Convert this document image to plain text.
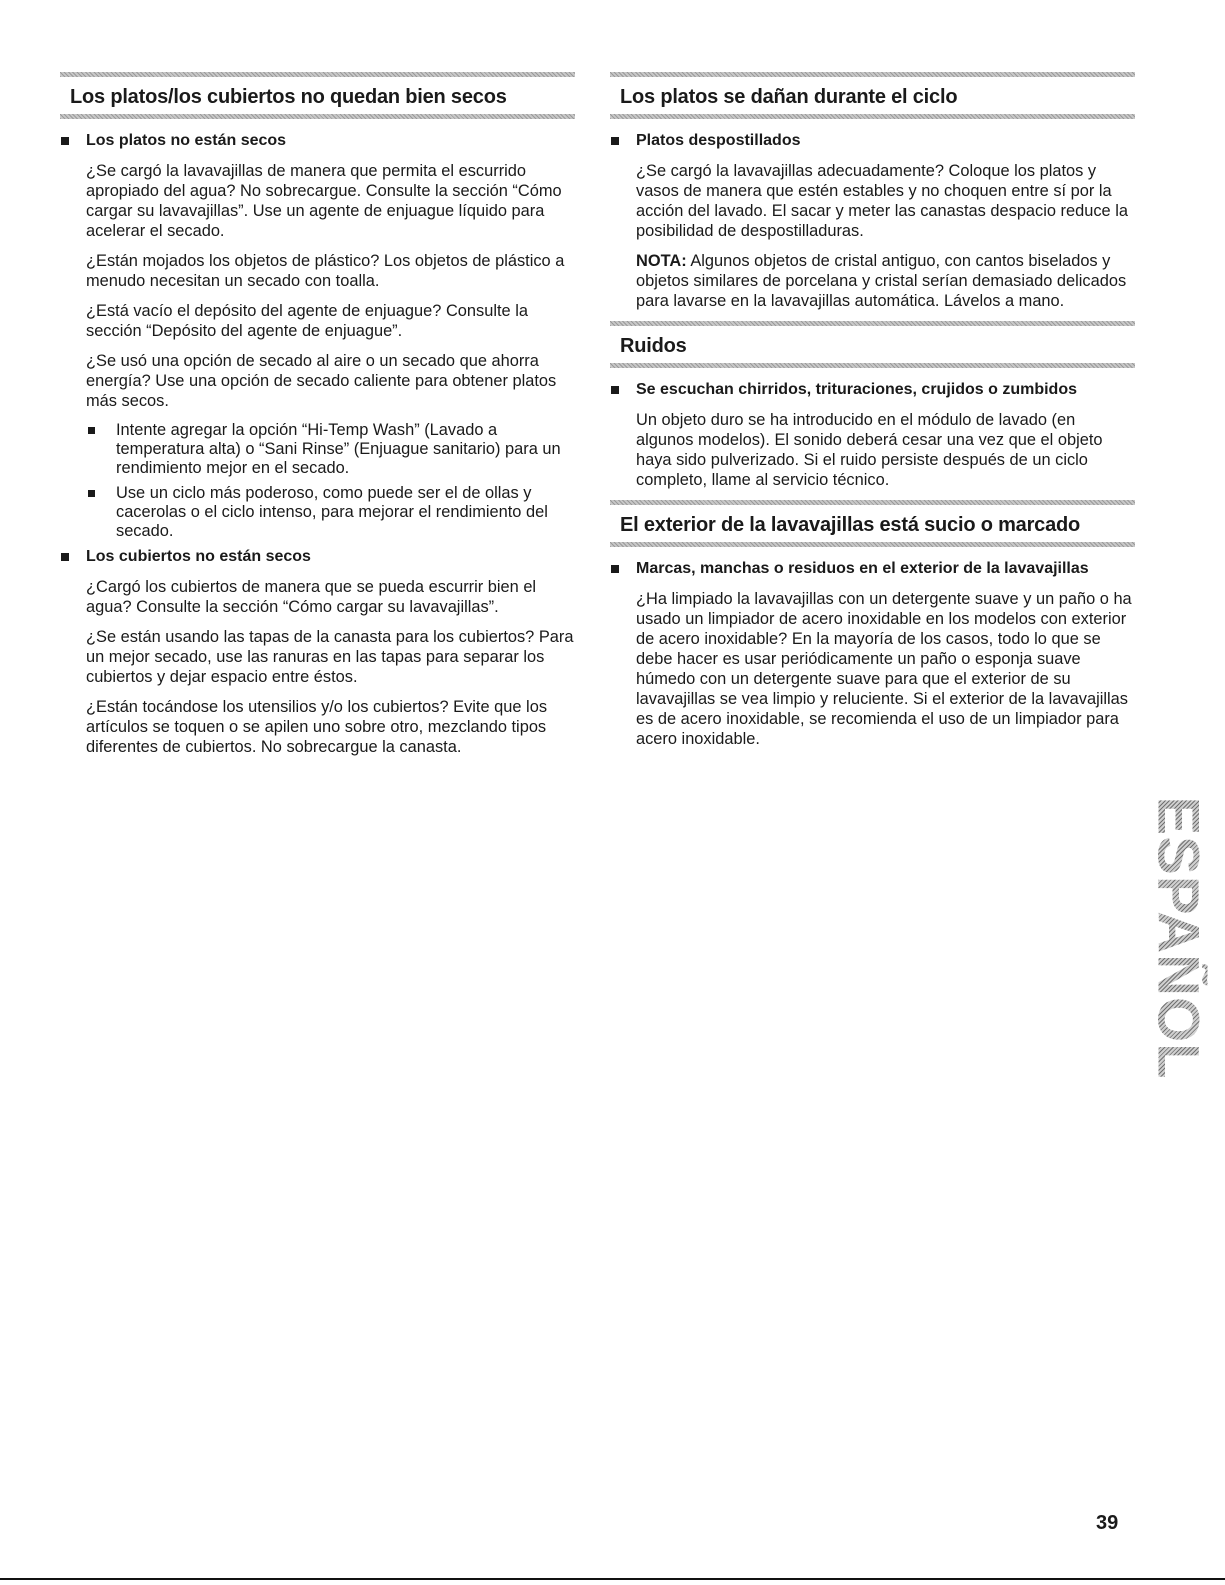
Los platos/los cubiertos no quedan bien secos
Los platos no están secos

¿Se cargó la lavavajillas de manera que permita el escurrido apropiado del agua? No sobrecargue. Consulte la sección “Cómo cargar su lavavajillas”. Use un agente de enjuague líquido para acelerar el secado.

¿Están mojados los objetos de plástico? Los objetos de plástico a menudo necesitan un secado con toalla.

¿Está vacío el depósito del agente de enjuague? Consulte la sección “Depósito del agente de enjuague”.

¿Se usó una opción de secado al aire o un secado que ahorra energía? Use una opción de secado caliente para obtener platos más secos.

Intente agregar la opción “Hi-Temp Wash” (Lavado a temperatura alta) o “Sani Rinse” (Enjuague sanitario) para un rendimiento mejor en el secado.

Use un ciclo más poderoso, como puede ser el de ollas y cacerolas o el ciclo intenso, para mejorar el rendimiento del secado.

Los cubiertos no están secos

¿Cargó los cubiertos de manera que se pueda escurrir bien el agua? Consulte la sección “Cómo cargar su lavavajillas”.

¿Se están usando las tapas de la canasta para los cubiertos? Para un mejor secado, use las ranuras en las tapas para separar los cubiertos y dejar espacio entre éstos.

¿Están tocándose los utensilios y/o los cubiertos? Evite que los artículos se toquen o se apilen uno sobre otro, mezclando tipos diferentes de cubiertos. No sobrecargue la canasta.

Los platos se dañan durante el ciclo
Platos despostillados

¿Se cargó la lavavajillas adecuadamente? Coloque los platos y vasos de manera que estén estables y no choquen entre sí por la acción del lavado. El sacar y meter las canastas despacio reduce la posibilidad de despostilladuras.

NOTA: Algunos objetos de cristal antiguo, con cantos biselados y objetos similares de porcelana y cristal serían demasiado delicados para lavarse en la lavavajillas automática. Lávelos a mano.

Ruidos
Se escuchan chirridos, trituraciones, crujidos o zumbidos

Un objeto duro se ha introducido en el módulo de lavado (en algunos modelos). El sonido deberá cesar una vez que el objeto haya sido pulverizado. Si el ruido persiste después de un ciclo completo, llame al servicio técnico.

El exterior de la lavavajillas está sucio o marcado
Marcas, manchas o residuos en el exterior de la lavavajillas

¿Ha limpiado la lavavajillas con un detergente suave y un paño o ha usado un limpiador de acero inoxidable en los modelos con exterior de acero inoxidable? En la mayoría de los casos, todo lo que se debe hacer es usar periódicamente un paño o esponja suave húmedo con un detergente suave para que el exterior de su lavavajillas se vea limpio y reluciente. Si el exterior de la lavavajillas es de acero inoxidable, se recomienda el uso de un limpiador para acero inoxidable.

ESPAÑOL
39
